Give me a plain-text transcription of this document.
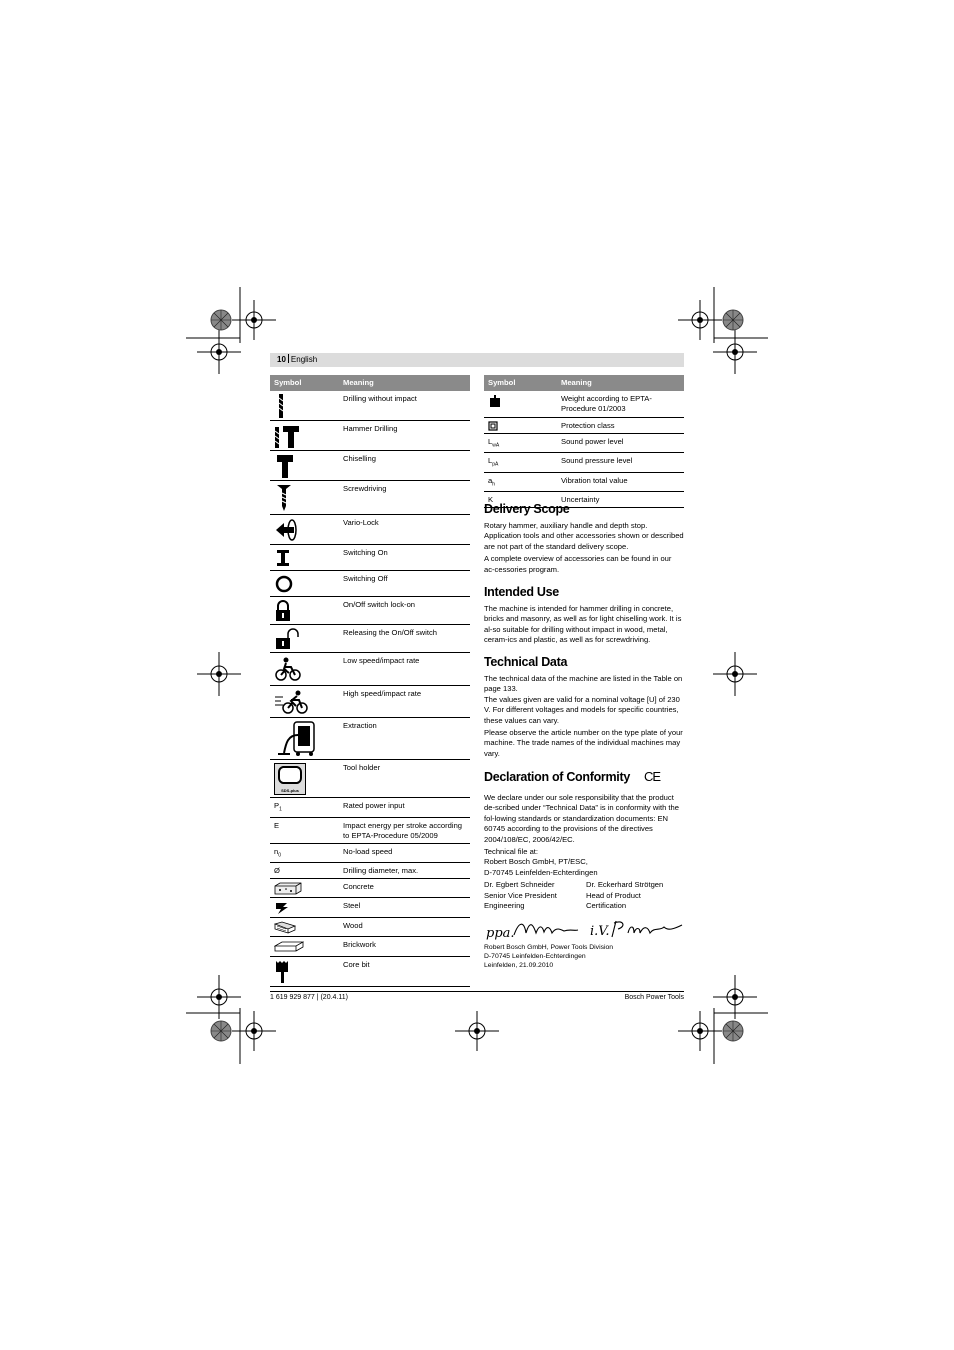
10 English
Symbol	Meaning

	Drilling without impact

	Hammer Drilling

	Chiselling

	Screwdriving

	Vario-Lock

	Switching On

	Switching Off

	On/Off switch lock-on

	Releasing the On/Off switch

	Low speed/impact rate

	High speed/impact rate

	Extraction

SDS-plus	Tool holder
$P_1$	Rated power input
E	Impact energy per stroke according to EPTA-Procedure 05/2009
$n_0$	No-load speed
Ø	Drilling diameter, max.

	Concrete

	Steel

	Wood

	Brickwork

	Core bit
Symbol	Meaning

	Weight according to EPTA-Procedure 01/2003

	Protection class
$L_{wA}$	Sound power level
$L_{pA}$	Sound pressure level
$a_h$	Vibration total value
K	Uncertainty
Delivery Scope

Rotary hammer, auxiliary handle and depth stop.

Application tools and other accessories shown or described are not part of the standard delivery scope.

A complete overview of accessories can be found in our ac-cessories program.

Intended Use

The machine is intended for hammer drilling in concrete, bricks and masonry, as well as for light chiselling work. It is al-so suitable for drilling without impact in wood, metal, ceram-ics and plastic, as well as for screwdriving.

Technical Data

The technical data of the machine are listed in the Table on page 133.

The values given are valid for a nominal voltage [U] of 230 V. For different voltages and models for specific countries, these values can vary.

Please observe the article number on the type plate of your machine. The trade names of the individual machines may vary.

Declaration of Conformity CE

We declare under our sole responsibility that the product de-scribed under “Technical Data” is in conformity with the fol-lowing standards or standardization documents: EN 60745 according to the provisions of the directives 2004/108/EC, 2006/42/EC.

Technical file at:

Robert Bosch GmbH, PT/ESC,

D-70745 Leinfelden-Echterdingen

Dr. Egbert Schneider
Senior Vice President
Engineering
Dr. Eckerhard Strötgen
Head of Product
Certification
ppa.	i.V.
Robert Bosch GmbH, Power Tools Division
D-70745 Leinfelden-Echterdingen
Leinfelden, 21.09.2010
1 619 929 877 | (20.4.11)	Bosch Power Tools
